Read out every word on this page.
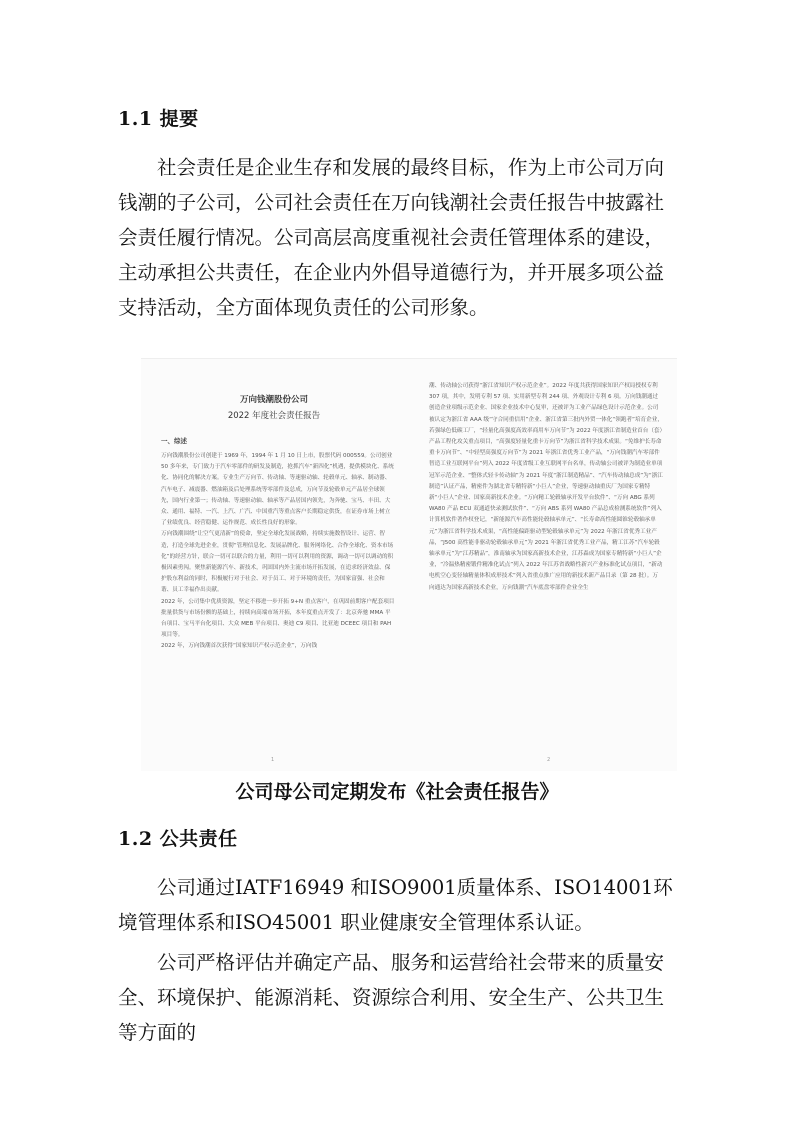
1.1 提要

社会责任是企业生存和发展的最终目标，作为上市公司万向钱潮的子公司，公司社会责任在万向钱潮社会责任报告中披露社会责任履行情况。公司高层高度重视社会责任管理体系的建设，主动承担公共责任，在企业内外倡导道德行为，并开展多项公益支持活动，全方面体现负责任的公司形象。

万向钱潮股份公司
2022 年度社会责任报告
一、综述
万向钱潮股份公司创建于 1969 年，1994 年 1 月 10 日上市，股票代码 000559。公司创业 50 多年来，专门致力于汽车零部件的研发及制造，抢抓汽车“新四化”机遇，提供模块化、系统化、协同化的解决方案。专业生产万向节、传动轴、等速驱动轴、轮毂单元、轴承、制动器、汽车电子、减震器、燃油箱及后处理系统等零部件及总成，万向节及轮毂单元产品居全球领先，国内行业第一；传动轴、等速驱动轴、轴承等产品居国内领先，为奔驰、宝马、丰田、大众、通用、福特、一汽、上汽、广汽、中国重汽等重点客户长期稳定供货，在证券市场上树立了业绩优良、经营稳健、运作规范、成长性良好的形象。
万向钱潮围绕“让空气更清新”的使命，坚定全球化发展战略，持续实施数智设计、运营、智造，打造全球先进企业，贯彻“管理信息化、发展品牌化、服务网络化、合作全球化、资本市场化”的经营方针，联合一切可以联合的力量，利用一切可以利用的资源，调动一切可以调动的积极因素勇闯。聚焦新能源汽车、新技术，巩固国内外主流市场开拓发展，在追求经济效益、保护股东利益的同时，积极履行对于社会、对于员工、对于环境的责任，为国家富强、社会和谐、员工幸福作出贡献。
2022 年，公司集中优质资源，坚定不移进一步开拓 9+N 重点客户，在巩固前期客户配套项目批量供货与市场份额的基础上，持续向高端市场开拓，本年度重点开发了：北京奔驰 MMA 平台项目、宝马平台化项目、大众 MEB 平台项目、奥迪 C9 项目、比亚迪 DCEEC 项目和 PAH 项目等。
2022 年，万向钱潮首次获得“国家知识产权示范企业”，万向钱
1
潮、传动轴公司获得“浙江省知识产权示范企业”。2022 年度共获得国家知识产权局授权专利 307 项，其中，发明专利 57 项、实用新型专利 244 项、外观设计专利 6 项。万向钱潮通过创造企业项级示范企业、国家企业技术中心复审，还被评为工业产品绿色设计示范企业。公司被认定为浙江省 AAA 级“守合同重信用”企业、浙江省第三批内外贸一体化“领跑者”培育企业，若强绿色低碳工厂，“轻量化高强度高效率商用车万向节”为 2022 年度浙江省制造业首台（套）产品工程化攻关重点项目，“高强度轻量化重卡万向节”为浙江省科学技术成果。“免维护长寿命重卡万向节”、“中轻型高强度万向节”为 2021 年浙江省优秀工业产品，“万向钱潮汽车零部件智造工业互联网平台”列入 2022 年度省级工业互联网平台名单，传动轴公司被评为制造业单项冠军示范企业、“整体式轻卡传动轴”为 2021 年度“浙江制造精品”、“汽车传动轴总成”为“浙江制造”认证产品，精密件为湖北省专精特新“小巨人”企业，等速驱动轴重庆厂为国家专精特新“小巨人”企业、国家高新技术企业。“万向精工轮毂轴承开发平台软件”、“万向 ABG 系列 WA80 产品 ECU 双通道快录测试软件”、“万向 ABS 系列 WA80 产品总成检测系统软件”列入计算机软件著作权登记，“新能源汽车高性能轮毂轴承单元”、“长寿命高性能圆锥轮毂轴承单元”为浙江省科学技术成果，“高性能偏距驱动型轮毂轴承单元”为 2022 年浙江省优秀工业产品，“J500 高性能非驱动轮毂轴承单元”为 2021 年浙江省优秀工业产品，精工江苏“汽车轮毂轴承单元”为“江苏精品”，淮南轴承为国家高新技术企业，江苏森成为国家专精特新“小巨人”企业，“冷温热精密锻件精准化试点”列入 2022 年江苏省战略性新兴产业标准化试点项目，“新动电机空心变径轴精量体积成形技术”列入省重点推广应用的新技术新产品目录（第 28 批）。万向通达为国家高新技术企业，万向钱潮“汽车底盘零部件企业全生
2
公司母公司定期发布《社会责任报告》
1.2 公共责任

公司通过IATF16949 和ISO9001质量体系、ISO14001环境管理体系和ISO45001 职业健康安全管理体系认证。

公司严格评估并确定产品、服务和运营给社会带来的质量安全、环境保护、能源消耗、资源综合利用、安全生产、公共卫生等方面的
